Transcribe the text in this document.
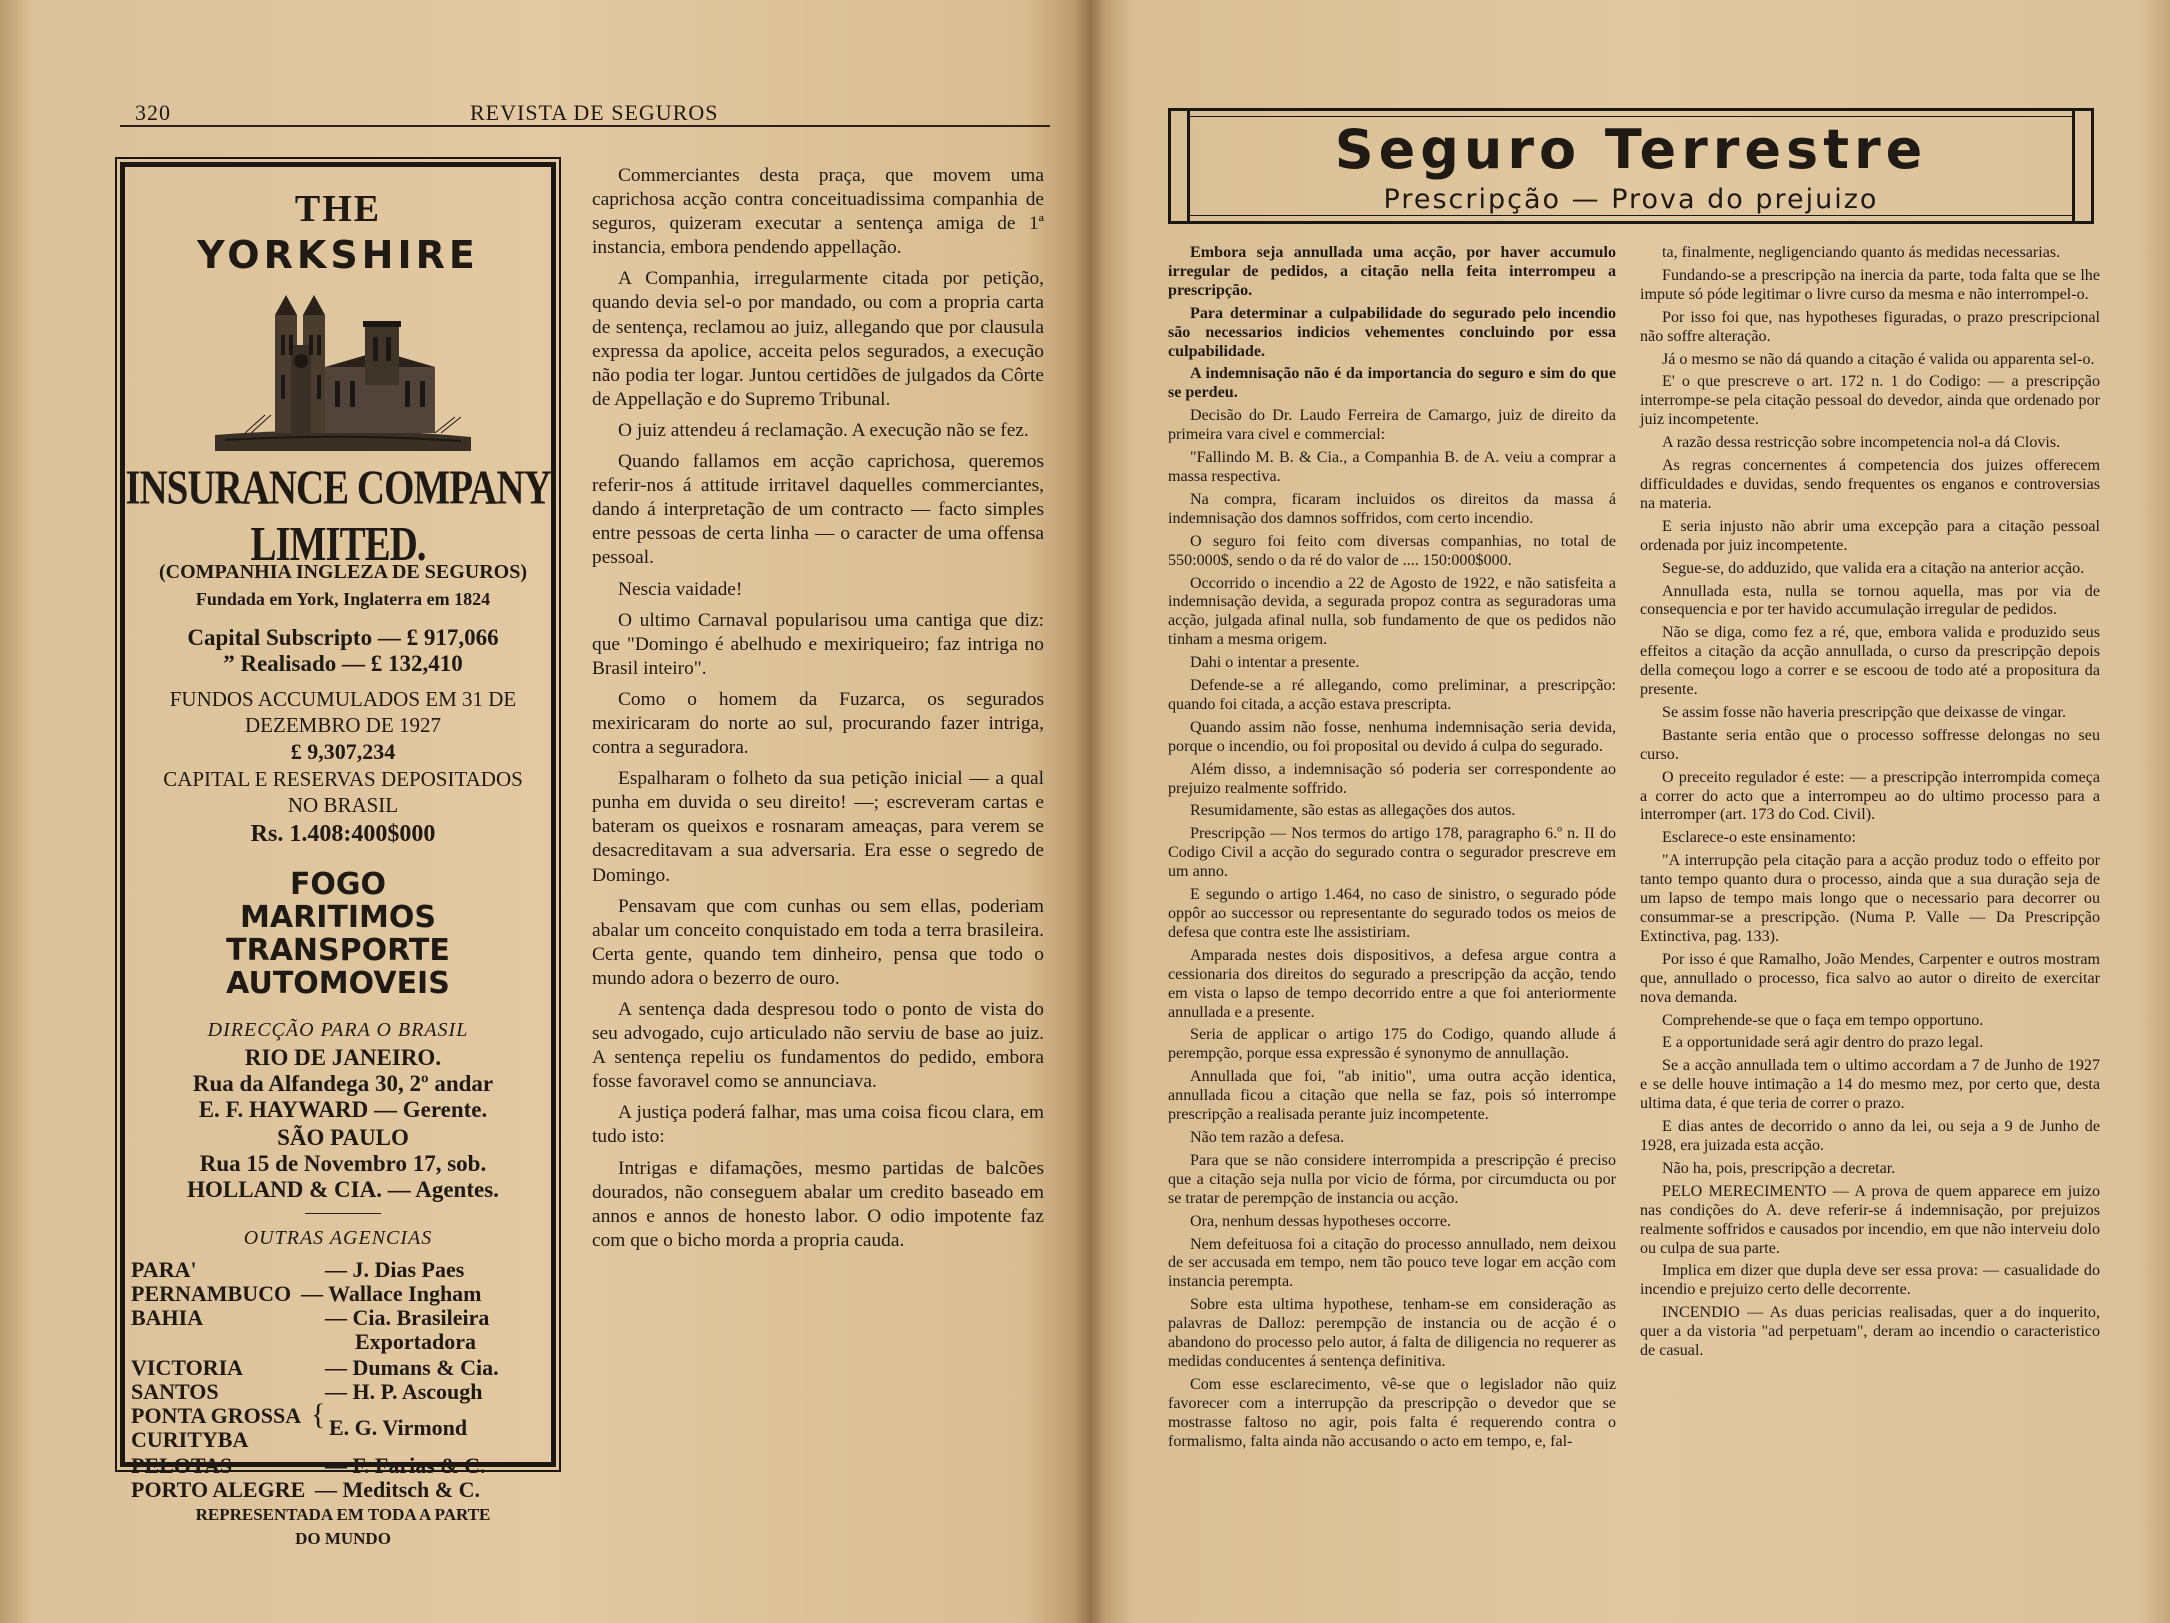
320	REVISTA DE SEGUROS
THE
YORKSHIRE
INSURANCE COMPANY LIMITED.
(COMPANHIA INGLEZA DE SEGUROS)
Fundada em York, Inglaterra em 1824
Capital Subscripto — £ 917,066
” Realisado — £ 132,410
FUNDOS ACCUMULADOS EM 31 DE
DEZEMBRO DE 1927
£ 9,307,234
CAPITAL E RESERVAS DEPOSITADOS
NO BRASIL
Rs. 1.408:400$000
FOGO
MARITIMOS
TRANSPORTE
AUTOMOVEIS
DIRECÇÃO PARA O BRASIL
RIO DE JANEIRO.
Rua da Alfandega 30, 2º andar
E. F. HAYWARD — Gerente.
SÃO PAULO
Rua 15 de Novembro 17, sob.
HOLLAND & CIA. — Agentes.
OUTRAS AGENCIAS
PARA'	— J. Dias Paes
PERNAMBUCO — Wallace Ingham
BAHIA	— Cia. Brasileira
Exportadora
VICTORIA	— Dumans & Cia.
SANTOS	— H. P. Ascough
PONTA GROSSA { E. G. Virmond
CURITYBA
PELOTAS	— F. Farias & C.
PORTO ALEGRE — Meditsch & C.
REPRESENTADA EM TODA A PARTE
DO MUNDO

Commerciantes desta praça, que movem uma caprichosa acção contra conceituadissima companhia de seguros, quizeram executar a sentença amiga de 1ª instancia, embora pendendo appellação.

A Companhia, irregularmente citada por petição, quando devia sel-o por mandado, ou com a propria carta de sentença, reclamou ao juiz, allegando que por clausula expressa da apolice, acceita pelos segurados, a execução não podia ter logar. Juntou certidões de julgados da Côrte de Appellação e do Supremo Tribunal.

O juiz attendeu á reclamação. A execução não se fez.

Quando fallamos em acção caprichosa, queremos referir-nos á attitude irritavel daquelles commerciantes, dando á interpretação de um contracto — facto simples entre pessoas de certa linha — o caracter de uma offensa pessoal.

Nescia vaidade!

O ultimo Carnaval popularisou uma cantiga que diz: que "Domingo é abelhudo e mexiriqueiro; faz intriga no Brasil inteiro".

Como o homem da Fuzarca, os segurados mexiricaram do norte ao sul, procurando fazer intriga, contra a seguradora.

Espalharam o folheto da sua petição inicial — a qual punha em duvida o seu direito! —; escreveram cartas e bateram os queixos e rosnaram ameaças, para verem se desacreditavam a sua adversaria. Era esse o segredo de Domingo.

Pensavam que com cunhas ou sem ellas, poderiam abalar um conceito conquistado em toda a terra brasileira. Certa gente, quando tem dinheiro, pensa que todo o mundo adora o bezerro de ouro.

A sentença dada despresou todo o ponto de vista do seu advogado, cujo articulado não serviu de base ao juiz. A sentença repeliu os fundamentos do pedido, embora fosse favoravel como se annunciava.

A justiça poderá falhar, mas uma coisa ficou clara, em tudo isto:

Intrigas e difamações, mesmo partidas de balcões dourados, não conseguem abalar um credito baseado em annos e annos de honesto labor. O odio impotente faz com que o bicho morda a propria cauda.

Seguro Terrestre
Prescripção — Prova do prejuizo

Embora seja annullada uma acção, por haver accumulo irregular de pedidos, a citação nella feita interrompeu a prescripção.

Para determinar a culpabilidade do segurado pelo incendio são necessarios indicios vehementes concluindo por essa culpabilidade.

A indemnisação não é da importancia do seguro e sim do que se perdeu.

Decisão do Dr. Laudo Ferreira de Camargo, juiz de direito da primeira vara civel e commercial:

"Fallindo M. B. & Cia., a Companhia B. de A. veiu a comprar a massa respectiva.

Na compra, ficaram incluidos os direitos da massa á indemnisação dos damnos soffridos, com certo incendio.

O seguro foi feito com diversas companhias, no total de 550:000$, sendo o da ré do valor de .... 150:000$000.

Occorrido o incendio a 22 de Agosto de 1922, e não satisfeita a indemnisação devida, a segurada propoz contra as seguradoras uma acção, julgada afinal nulla, sob fundamento de que os pedidos não tinham a mesma origem.

Dahi o intentar a presente.

Defende-se a ré allegando, como preliminar, a prescripção: quando foi citada, a acção estava prescripta.

Quando assim não fosse, nenhuma indemnisação seria devida, porque o incendio, ou foi proposital ou devido á culpa do segurado.

Além disso, a indemnisação só poderia ser correspondente ao prejuizo realmente soffrido.

Resumidamente, são estas as allegações dos autos.

Prescripção — Nos termos do artigo 178, paragrapho 6.º n. II do Codigo Civil a acção do segurado contra o segurador prescreve em um anno.

E segundo o artigo 1.464, no caso de sinistro, o segurado póde oppôr ao successor ou representante do segurado todos os meios de defesa que contra este lhe assistiriam.

Amparada nestes dois dispositivos, a defesa argue contra a cessionaria dos direitos do segurado a prescripção da acção, tendo em vista o lapso de tempo decorrido entre a que foi anteriormente annullada e a presente.

Seria de applicar o artigo 175 do Codigo, quando allude á perempção, porque essa expressão é synonymo de annullação.

Annullada que foi, "ab initio", uma outra acção identica, annullada ficou a citação que nella se faz, pois só interrompe prescripção a realisada perante juiz incompetente.

Não tem razão a defesa.

Para que se não considere interrompida a prescripção é preciso que a citação seja nulla por vicio de fórma, por circumducta ou por se tratar de perempção de instancia ou acção.

Ora, nenhum dessas hypotheses occorre.

Nem defeituosa foi a citação do processo annullado, nem deixou de ser accusada em tempo, nem tão pouco teve logar em acção com instancia perempta.

Sobre esta ultima hypothese, tenham-se em consideração as palavras de Dalloz: perempção de instancia ou de acção é o abandono do processo pelo autor, á falta de diligencia no requerer as medidas conducentes á sentença definitiva.

Com esse esclarecimento, vê-se que o legislador não quiz favorecer com a interrupção da prescripção o devedor que se mostrasse faltoso no agir, pois falta é requerendo contra o formalismo, falta ainda não accusando o acto em tempo, e, fal-

ta, finalmente, negligenciando quanto ás medidas necessarias.

Fundando-se a prescripção na inercia da parte, toda falta que se lhe impute só póde legitimar o livre curso da mesma e não interrompel-o.

Por isso foi que, nas hypotheses figuradas, o prazo prescripcional não soffre alteração.

Já o mesmo se não dá quando a citação é valida ou apparenta sel-o.

E' o que prescreve o art. 172 n. 1 do Codigo: — a prescripção interrompe-se pela citação pessoal do devedor, ainda que ordenado por juiz incompetente.

A razão dessa restricção sobre incompetencia nol-a dá Clovis.

As regras concernentes á competencia dos juizes offerecem difficuldades e duvidas, sendo frequentes os enganos e controversias na materia.

E seria injusto não abrir uma excepção para a citação pessoal ordenada por juiz incompetente.

Segue-se, do adduzido, que valida era a citação na anterior acção.

Annullada esta, nulla se tornou aquella, mas por via de consequencia e por ter havido accumulação irregular de pedidos.

Não se diga, como fez a ré, que, embora valida e produzido seus effeitos a citação da acção annullada, o curso da prescripção depois della começou logo a correr e se escoou de todo até a propositura da presente.

Se assim fosse não haveria prescripção que deixasse de vingar.

Bastante seria então que o processo soffresse delongas no seu curso.

O preceito regulador é este: — a prescripção interrompida começa a correr do acto que a interrompeu ao do ultimo processo para a interromper (art. 173 do Cod. Civil).

Esclarece-o este ensinamento:

"A interrupção pela citação para a acção produz todo o effeito por tanto tempo quanto dura o processo, ainda que a sua duração seja de um lapso de tempo mais longo que o necessario para decorrer ou consummar-se a prescripção. (Numa P. Valle — Da Prescripção Extinctiva, pag. 133).

Por isso é que Ramalho, João Mendes, Carpenter e outros mostram que, annullado o processo, fica salvo ao autor o direito de exercitar nova demanda.

Comprehende-se que o faça em tempo opportuno.

E a opportunidade será agir dentro do prazo legal.

Se a acção annullada tem o ultimo accordam a 7 de Junho de 1927 e se delle houve intimação a 14 do mesmo mez, por certo que, desta ultima data, é que teria de correr o prazo.

E dias antes de decorrido o anno da lei, ou seja a 9 de Junho de 1928, era juizada esta acção.

Não ha, pois, prescripção a decretar.

PELO MERECIMENTO — A prova de quem apparece em juizo nas condições do A. deve referir-se á indemnisação, por prejuizos realmente soffridos e causados por incendio, em que não interveiu dolo ou culpa de sua parte.

Implica em dizer que dupla deve ser essa prova: — casualidade do incendio e prejuizo certo delle decorrente.

INCENDIO — As duas pericias realisadas, quer a do inquerito, quer a da vistoria "ad perpetuam", deram ao incendio o caracteristico de casual.
